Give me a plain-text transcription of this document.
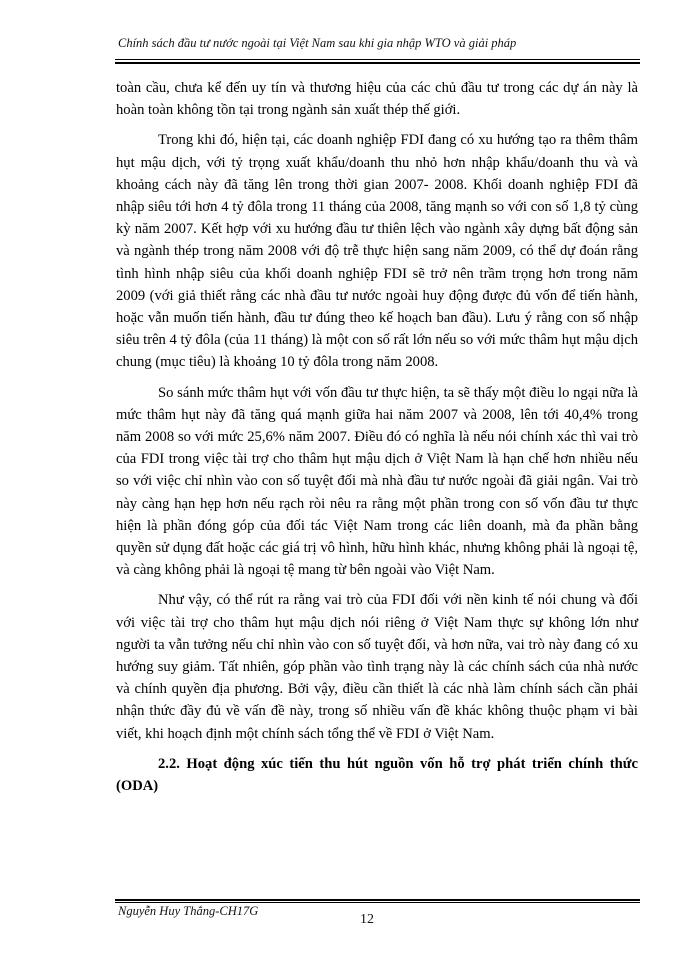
Chính sách đầu tư nước ngoài tại Việt Nam sau khi gia nhập WTO và giải pháp

toàn cầu, chưa kể đến uy tín và thương hiệu của các chủ đầu tư trong các dự án này là hoàn toàn không tồn tại trong ngành sản xuất thép thế giới.

Trong khi đó, hiện tại, các doanh nghiệp FDI đang có xu hướng tạo ra thêm thâm hụt mậu dịch, với tỷ trọng xuất khẩu/doanh thu nhỏ hơn nhập khẩu/doanh thu và và khoảng cách này đã tăng lên trong thời gian 2007- 2008. Khối doanh nghiệp FDI đã nhập siêu tới hơn 4 tỷ đôla trong 11 tháng của 2008, tăng mạnh so với con số 1,8 tỷ cùng kỳ năm 2007. Kết hợp với xu hướng đầu tư thiên lệch vào ngành xây dựng bất động sản và ngành thép trong năm 2008 với độ trễ thực hiện sang năm 2009, có thể dự đoán rằng tình hình nhập siêu của khối doanh nghiệp FDI sẽ trở nên trầm trọng hơn trong năm 2009 (với giả thiết rằng các nhà đầu tư nước ngoài huy động được đủ vốn để tiến hành, hoặc vẫn muốn tiến hành, đầu tư đúng theo kế hoạch ban đầu). Lưu ý rằng con số nhập siêu trên 4 tỷ đôla (của 11 tháng) là một con số rất lớn nếu so với mức thâm hụt mậu dịch chung (mục tiêu) là khoảng 10 tỷ đôla trong năm 2008.

So sánh mức thâm hụt với vốn đầu tư thực hiện, ta sẽ thấy một điều lo ngại nữa là mức thâm hụt này đã tăng quá mạnh giữa hai năm 2007 và 2008, lên tới 40,4% trong năm 2008 so với mức 25,6% năm 2007. Điều đó có nghĩa là nếu nói chính xác thì vai trò của FDI trong việc tài trợ cho thâm hụt mậu dịch ở Việt Nam là hạn chế hơn nhiều nếu so với việc chỉ nhìn vào con số tuyệt đối mà nhà đầu tư nước ngoài đã giải ngân. Vai trò này càng hạn hẹp hơn nếu rạch ròi nêu ra rằng một phần trong con số vốn đầu tư thực hiện là phần đóng góp của đối tác Việt Nam trong các liên doanh, mà đa phần bằng quyền sử dụng đất hoặc các giá trị vô hình, hữu hình khác, nhưng không phải là ngoại tệ, và càng không phải là ngoại tệ mang từ bên ngoài vào Việt Nam.

Như vậy, có thể rút ra rằng vai trò của FDI đối với nền kinh tế nói chung và đối với việc tài trợ cho thâm hụt mậu dịch nói riêng ở Việt Nam thực sự không lớn như người ta vẫn tưởng nếu chỉ nhìn vào con số tuyệt đối, và hơn nữa, vai trò này đang có xu hướng suy giảm. Tất nhiên, góp phần vào tình trạng này là các chính sách của nhà nước và chính quyền địa phương. Bởi vậy, điều cần thiết là các nhà làm chính sách cần phải nhận thức đầy đủ về vấn đề này, trong số nhiều vấn đề khác không thuộc phạm vi bài viết, khi hoạch định một chính sách tổng thể về FDI ở Việt Nam.

2.2. Hoạt động xúc tiến thu hút nguồn vốn hỗ trợ phát triển chính thức (ODA)

Nguyễn Huy Thắng-CH17G
12
